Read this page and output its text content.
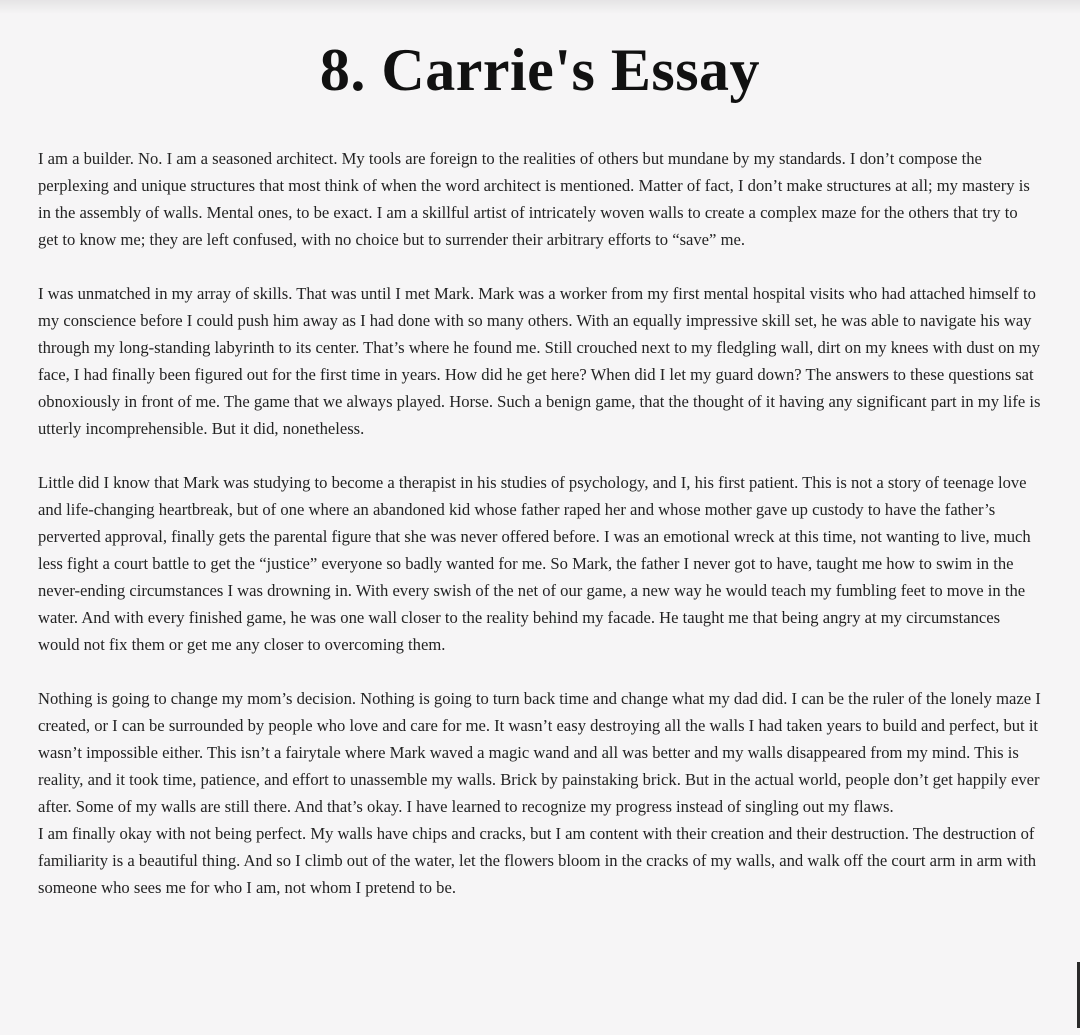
8. Carrie's Essay

I am a builder. No. I am a seasoned architect. My tools are foreign to the realities of others but mundane by my standards. I don’t compose the perplexing and unique structures that most think of when the word architect is mentioned. Matter of fact, I don’t make structures at all; my mastery is in the assembly of walls. Mental ones, to be exact. I am a skillful artist of intricately woven walls to create a complex maze for the others that try to get to know me; they are left confused, with no choice but to surrender their arbitrary efforts to “save” me.

I was unmatched in my array of skills. That was until I met Mark. Mark was a worker from my first mental hospital visits who had attached himself to my conscience before I could push him away as I had done with so many others. With an equally impressive skill set, he was able to navigate his way through my long-standing labyrinth to its center. That’s where he found me. Still crouched next to my fledgling wall, dirt on my knees with dust on my face, I had finally been figured out for the first time in years. How did he get here? When did I let my guard down? The answers to these questions sat obnoxiously in front of me. The game that we always played. Horse. Such a benign game, that the thought of it having any significant part in my life is utterly incomprehensible. But it did, nonetheless.

Little did I know that Mark was studying to become a therapist in his studies of psychology, and I, his first patient. This is not a story of teenage love and life-changing heartbreak, but of one where an abandoned kid whose father raped her and whose mother gave up custody to have the father’s perverted approval, finally gets the parental figure that she was never offered before. I was an emotional wreck at this time, not wanting to live, much less fight a court battle to get the “justice” everyone so badly wanted for me. So Mark, the father I never got to have, taught me how to swim in the never-ending circumstances I was drowning in. With every swish of the net of our game, a new way he would teach my fumbling feet to move in the water. And with every finished game, he was one wall closer to the reality behind my facade. He taught me that being angry at my circumstances would not fix them or get me any closer to overcoming them.

Nothing is going to change my mom’s decision. Nothing is going to turn back time and change what my dad did. I can be the ruler of the lonely maze I created, or I can be surrounded by people who love and care for me. It wasn’t easy destroying all the walls I had taken years to build and perfect, but it wasn’t impossible either. This isn’t a fairytale where Mark waved a magic wand and all was better and my walls disappeared from my mind. This is reality, and it took time, patience, and effort to unassemble my walls. Brick by painstaking brick. But in the actual world, people don’t get happily ever after. Some of my walls are still there. And that’s okay. I have learned to recognize my progress instead of singling out my flaws.

I am finally okay with not being perfect. My walls have chips and cracks, but I am content with their creation and their destruction. The destruction of familiarity is a beautiful thing. And so I climb out of the water, let the flowers bloom in the cracks of my walls, and walk off the court arm in arm with someone who sees me for who I am, not whom I pretend to be.
